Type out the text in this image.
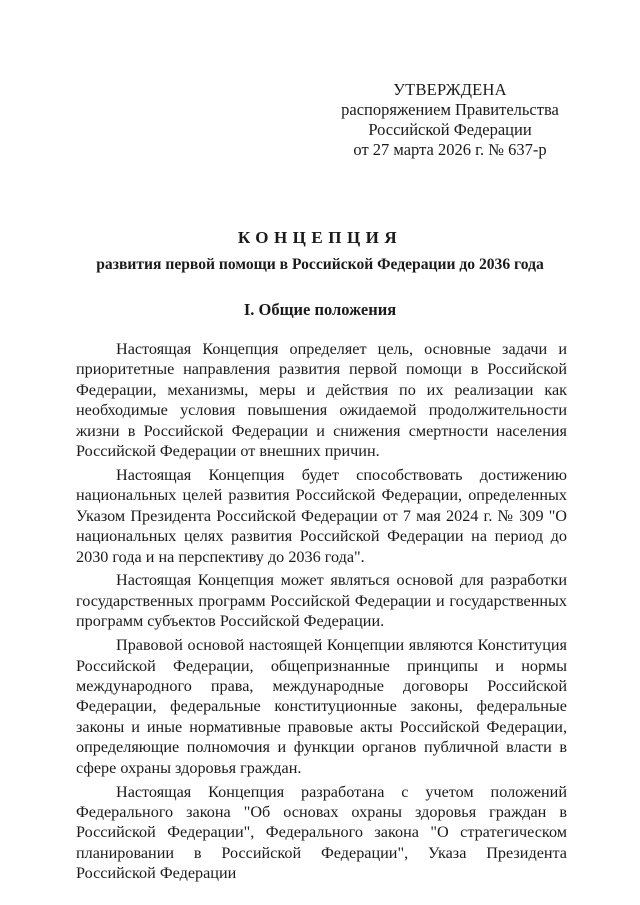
УТВЕРЖДЕНА
распоряжением Правительства
Российской Федерации
от 27 марта 2026 г. № 637-р
КОНЦЕПЦИЯ
развития первой помощи в Российской Федерации до 2036 года
I. Общие положения

Настоящая Концепция определяет цель, основные задачи и приоритетные направления развития первой помощи в Российской Федерации, механизмы, меры и действия по их реализации как необходимые условия повышения ожидаемой продолжительности жизни в Российской Федерации и снижения смертности населения Российской Федерации от внешних причин.

Настоящая Концепция будет способствовать достижению национальных целей развития Российской Федерации, определенных Указом Президента Российской Федерации от 7 мая 2024 г. № 309 "О национальных целях развития Российской Федерации на период до 2030 года и на перспективу до 2036 года".

Настоящая Концепция может являться основой для разработки государственных программ Российской Федерации и государственных программ субъектов Российской Федерации.

Правовой основой настоящей Концепции являются Конституция Российской Федерации, общепризнанные принципы и нормы международного права, международные договоры Российской Федерации, федеральные конституционные законы, федеральные законы и иные нормативные правовые акты Российской Федерации, определяющие полномочия и функции органов публичной власти в сфере охраны здоровья граждан.

Настоящая Концепция разработана с учетом положений Федерального закона "Об основах охраны здоровья граждан в Российской Федерации", Федерального закона "О стратегическом планировании в Российской Федерации", Указа Президента Российской Федерации
